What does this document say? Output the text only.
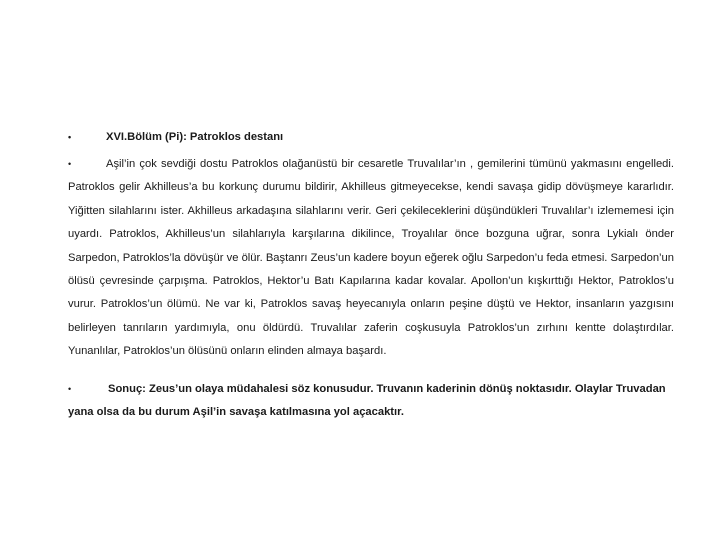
•	XVI.Bölüm (Pi): Patroklos destanı
•	Aşil’in çok sevdiği dostu Patroklos olağanüstü bir cesaretle Truvalılar’ın , gemilerini tümünü yakmasını engelledi. Patroklos gelir Akhilleus’a bu korkunç durumu bildirir, Akhilleus gitmeyecekse, kendi savaşa gidip dövüşmeye kararlıdır. Yiğitten silahlarını ister. Akhilleus arkadaşına silahlarını verir. Geri çekileceklerini düşündükleri Truvalılar’ı izlememesi için uyardı. Patroklos, Akhilleus’un silahlarıyla karşılarına dikilince, Troyalılar önce bozguna uğrar, sonra Lykialı önder Sarpedon, Patroklos’la dövüşür ve ölür. Baştanrı Zeus’un kadere boyun eğerek oğlu Sarpedon’u feda etmesi. Sarpedon’un ölüsü çevresinde çarpışma. Patroklos, Hektor’u Batı Kapılarına kadar kovalar. Apollon’un kışkırttığı Hektor, Patroklos’u vurur. Patroklos’un ölümü. Ne var ki, Patroklos savaş heyecanıyla onların peşine düştü ve Hektor, insanların yazgısını belirleyen tanrıların yardımıyla, onu öldürdü. Truvalılar zaferin coşkusuyla Patroklos’un zırhını kentte dolaştırdılar. Yunanlılar, Patroklos’un ölüsünü onların elinden almaya başardı.
•	Sonuç: Zeus’un olaya müdahalesi söz konusudur. Truvanın kaderinin dönüş noktasıdır. Olaylar Truvadan yana olsa da bu durum Aşil’in savaşa katılmasına yol açacaktır.
